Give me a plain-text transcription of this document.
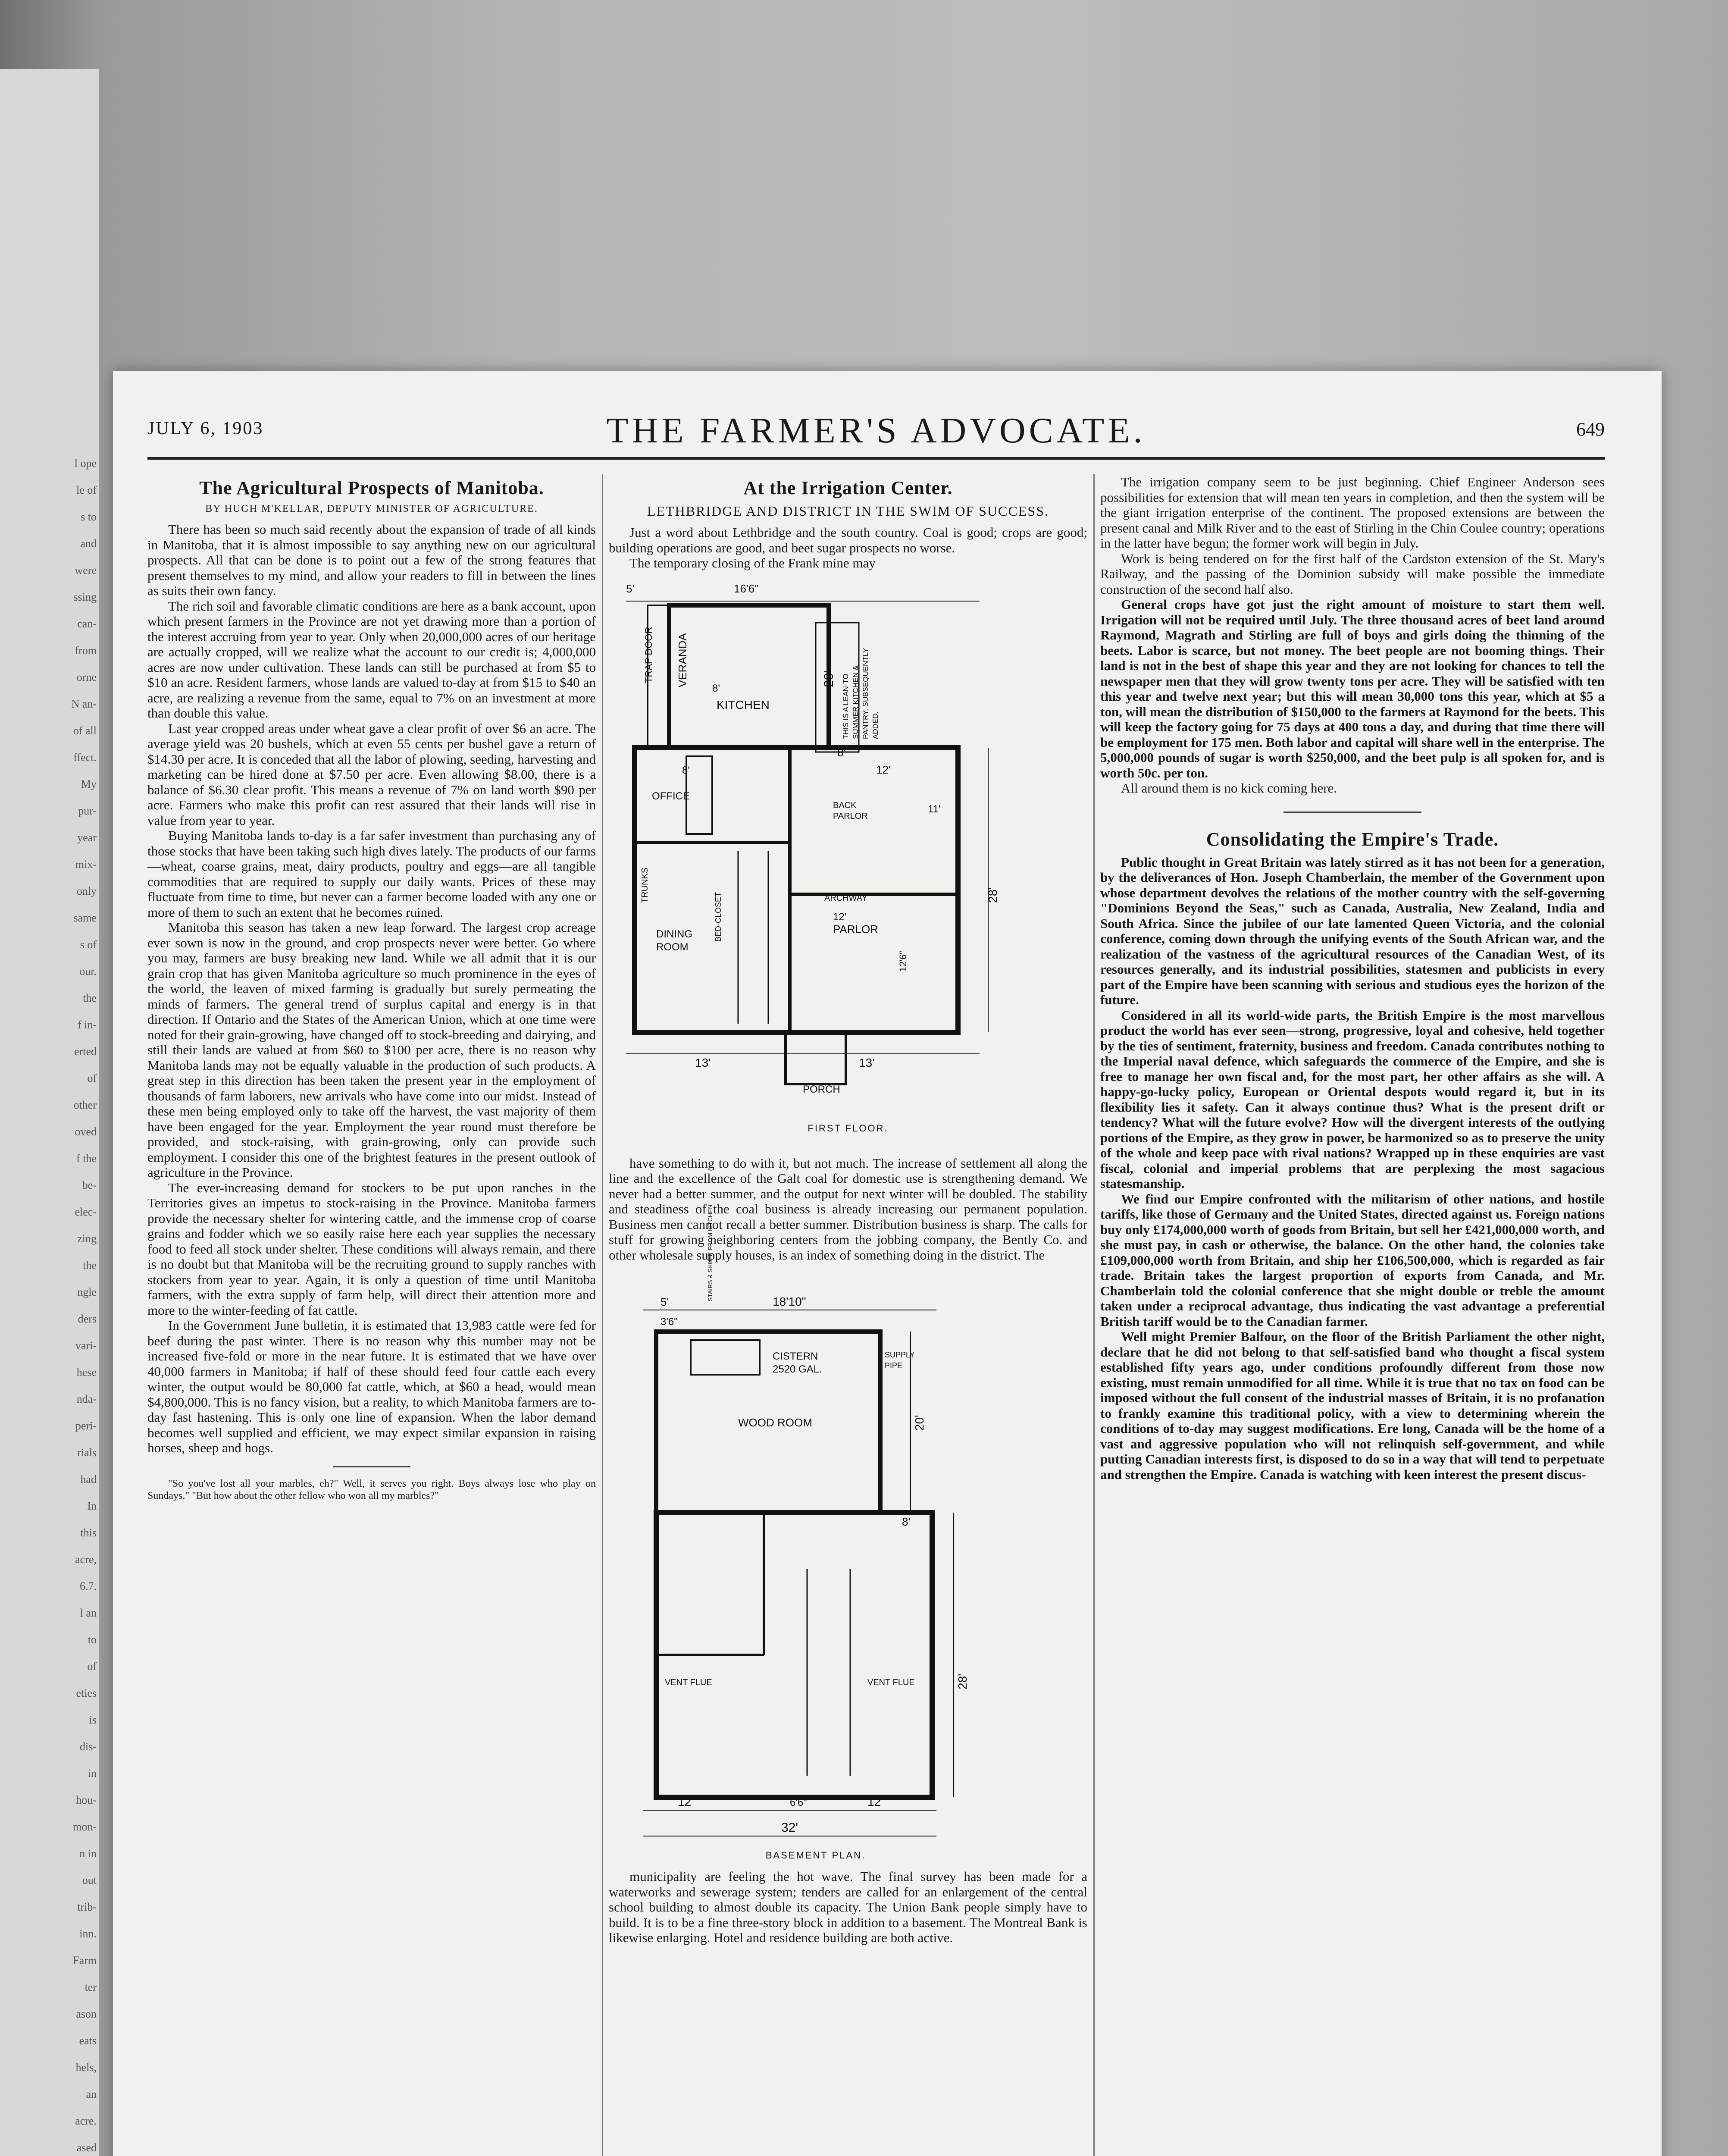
l ope
le of
s to
and
were
ssing
can-
from
orne
N an-
of all
ffect.
My
pur-
year
mix-
only
same
s of
our.
the
f in-
erted
of
other
oved
f the
be-
elec-
zing
the
ngle
ders
vari-
hese
nda-
peri-
rials
had
In
this
acre,
6.7.
l an
to
of
eties
is
dis-
in
hou-
mon-
n in
out
trib-
inn.
Farm
ter
ason
eats
hels,
an
acre.
ased
JULY 6, 1903	THE FARMER'S ADVOCATE.	649
The Agricultural Prospects of Manitoba.
BY HUGH M'KELLAR, DEPUTY MINISTER OF AGRICULTURE.

There has been so much said recently about the expansion of trade of all kinds in Manitoba, that it is almost impossible to say anything new on our agricultural prospects. All that can be done is to point out a few of the strong features that present themselves to my mind, and allow your readers to fill in between the lines as suits their own fancy.

The rich soil and favorable climatic conditions are here as a bank account, upon which present farmers in the Province are not yet drawing more than a portion of the interest accruing from year to year. Only when 20,000,000 acres of our heritage are actually cropped, will we realize what the account to our credit is; 4,000,000 acres are now under cultivation. These lands can still be purchased at from $5 to $10 an acre. Resident farmers, whose lands are valued to-day at from $15 to $40 an acre, are realizing a revenue from the same, equal to 7% on an investment at more than double this value.

Last year cropped areas under wheat gave a clear profit of over $6 an acre. The average yield was 20 bushels, which at even 55 cents per bushel gave a return of $14.30 per acre. It is conceded that all the labor of plowing, seeding, harvesting and marketing can be hired done at $7.50 per acre. Even allowing $8.00, there is a balance of $6.30 clear profit. This means a revenue of 7% on land worth $90 per acre. Farmers who make this profit can rest assured that their lands will rise in value from year to year.

Buying Manitoba lands to-day is a far safer investment than purchasing any of those stocks that have been taking such high dives lately. The products of our farms—wheat, coarse grains, meat, dairy products, poultry and eggs—are all tangible commodities that are required to supply our daily wants. Prices of these may fluctuate from time to time, but never can a farmer become loaded with any one or more of them to such an extent that he becomes ruined.

Manitoba this season has taken a new leap forward. The largest crop acreage ever sown is now in the ground, and crop prospects never were better. Go where you may, farmers are busy breaking new land. While we all admit that it is our grain crop that has given Manitoba agriculture so much prominence in the eyes of the world, the leaven of mixed farming is gradually but surely permeating the minds of farmers. The general trend of surplus capital and energy is in that direction. If Ontario and the States of the American Union, which at one time were noted for their grain-growing, have changed off to stock-breeding and dairying, and still their lands are valued at from $60 to $100 per acre, there is no reason why Manitoba lands may not be equally valuable in the production of such products. A great step in this direction has been taken the present year in the employment of thousands of farm laborers, new arrivals who have come into our midst. Instead of these men being employed only to take off the harvest, the vast majority of them have been engaged for the year. Employment the year round must therefore be provided, and stock-raising, with grain-growing, only can provide such employment. I consider this one of the brightest features in the present outlook of agriculture in the Province.

The ever-increasing demand for stockers to be put upon ranches in the Territories gives an impetus to stock-raising in the Province. Manitoba farmers provide the necessary shelter for wintering cattle, and the immense crop of coarse grains and fodder which we so easily raise here each year supplies the necessary food to feed all stock under shelter. These conditions will always remain, and there is no doubt but that Manitoba will be the recruiting ground to supply ranches with stockers from year to year. Again, it is only a question of time until Manitoba farmers, with the extra supply of farm help, will direct their attention more and more to the winter-feeding of fat cattle.

In the Government June bulletin, it is estimated that 13,983 cattle were fed for beef during the past winter. There is no reason why this number may not be increased five-fold or more in the near future. It is estimated that we have over 40,000 farmers in Manitoba; if half of these should feed four cattle each every winter, the output would be 80,000 fat cattle, which, at $60 a head, would mean $4,800,000. This is no fancy vision, but a reality, to which Manitoba farmers are to-day fast hastening. This is only one line of expansion. When the labor demand becomes well supplied and efficient, we may expect similar expansion in raising horses, sheep and hogs.

"So you've lost all your marbles, eh?" Well, it serves you right. Boys always lose who play on Sundays." "But how about the other fellow who won all my marbles?"

At the Irrigation Center.
LETHBRIDGE AND DISTRICT IN THE SWIM OF SUCCESS.

Just a word about Lethbridge and the south country. Coal is good; crops are good; building operations are good, and beet sugar prospects no worse.

The temporary closing of the Frank mine may

5'	16'6"
TRAP DOOR VERANDA
KITCHEN
8'
20' THIS IS A LEAN-TO SUMMER KITCHEN & PANTRY, SUBSEQUENTLY ADDED.
8'
8'	12'
OFFICE
BACK
PARLOR
11'
TRUNKS
DINING
ROOM
BED-CLOSET	ARCHWAY
12'
PARLOR
12'6"
28'
13'	13'
PORCH
FIRST FLOOR.

have something to do with it, but not much. The increase of settlement all along the line and the excellence of the Galt coal for domestic use is strengthening demand. We never had a better summer, and the output for next winter will be doubled. The stability and steadiness of the coal business is already increasing our permanent population. Business men cannot recall a better summer. Distribution business is sharp. The calls for stuff for growing neighboring centers from the jobbing company, the Bently Co. and other wholesale supply houses, is an index of something doing in the district. The

5'
3'6"
18'10"
STAIRS & SHUTE FROM KITCHEN
CISTERN
2520 GAL.
SUPPLY
PIPE
WOOD ROOM	20'
8'
VENT FLUE	VENT FLUE	28'
12'	12'
6'6"
32'
BASEMENT PLAN.

municipality are feeling the hot wave. The final survey has been made for a waterworks and sewerage system; tenders are called for an enlargement of the central school building to almost double its capacity. The Union Bank people simply have to build. It is to be a fine three-story block in addition to a basement. The Montreal Bank is likewise enlarging. Hotel and residence building are both active.

The irrigation company seem to be just beginning. Chief Engineer Anderson sees possibilities for extension that will mean ten years in completion, and then the system will be the giant irrigation enterprise of the continent. The proposed extensions are between the present canal and Milk River and to the east of Stirling in the Chin Coulee country; operations in the latter have begun; the former work will begin in July.

Work is being tendered on for the first half of the Cardston extension of the St. Mary's Railway, and the passing of the Dominion subsidy will make possible the immediate construction of the second half also.

General crops have got just the right amount of moisture to start them well. Irrigation will not be required until July. The three thousand acres of beet land around Raymond, Magrath and Stirling are full of boys and girls doing the thinning of the beets. Labor is scarce, but not money. The beet people are not booming things. Their land is not in the best of shape this year and they are not looking for chances to tell the newspaper men that they will grow twenty tons per acre. They will be satisfied with ten this year and twelve next year; but this will mean 30,000 tons this year, which at $5 a ton, will mean the distribution of $150,000 to the farmers at Raymond for the beets. This will keep the factory going for 75 days at 400 tons a day, and during that time there will be employment for 175 men. Both labor and capital will share well in the enterprise. The 5,000,000 pounds of sugar is worth $250,000, and the beet pulp is all spoken for, and is worth 50c. per ton.

All around them is no kick coming here.

Consolidating the Empire's Trade.

Public thought in Great Britain was lately stirred as it has not been for a generation, by the deliverances of Hon. Joseph Chamberlain, the member of the Government upon whose department devolves the relations of the mother country with the self-governing "Dominions Beyond the Seas," such as Canada, Australia, New Zealand, India and South Africa. Since the jubilee of our late lamented Queen Victoria, and the colonial conference, coming down through the unifying events of the South African war, and the realization of the vastness of the agricultural resources of the Canadian West, of its resources generally, and its industrial possibilities, statesmen and publicists in every part of the Empire have been scanning with serious and studious eyes the horizon of the future.

Considered in all its world-wide parts, the British Empire is the most marvellous product the world has ever seen—strong, progressive, loyal and cohesive, held together by the ties of sentiment, fraternity, business and freedom. Canada contributes nothing to the Imperial naval defence, which safeguards the commerce of the Empire, and she is free to manage her own fiscal and, for the most part, her other affairs as she will. A happy-go-lucky policy, European or Oriental despots would regard it, but in its flexibility lies it safety. Can it always continue thus? What is the present drift or tendency? What will the future evolve? How will the divergent interests of the outlying portions of the Empire, as they grow in power, be harmonized so as to preserve the unity of the whole and keep pace with rival nations? Wrapped up in these enquiries are vast fiscal, colonial and imperial problems that are perplexing the most sagacious statesmanship.

We find our Empire confronted with the militarism of other nations, and hostile tariffs, like those of Germany and the United States, directed against us. Foreign nations buy only £174,000,000 worth of goods from Britain, but sell her £421,000,000 worth, and she must pay, in cash or otherwise, the balance. On the other hand, the colonies take £109,000,000 worth from Britain, and ship her £106,500,000, which is regarded as fair trade. Britain takes the largest proportion of exports from Canada, and Mr. Chamberlain told the colonial conference that she might double or treble the amount taken under a reciprocal advantage, thus indicating the vast advantage a preferential British tariff would be to the Canadian farmer.

Well might Premier Balfour, on the floor of the British Parliament the other night, declare that he did not belong to that self-satisfied band who thought a fiscal system established fifty years ago, under conditions profoundly different from those now existing, must remain unmodified for all time. While it is true that no tax on food can be imposed without the full consent of the industrial masses of Britain, it is no profanation to frankly examine this traditional policy, with a view to determining wherein the conditions of to-day may suggest modifications. Ere long, Canada will be the home of a vast and aggressive population who will not relinquish self-government, and while putting Canadian interests first, is disposed to do so in a way that will tend to perpetuate and strengthen the Empire. Canada is watching with keen interest the present discus-
